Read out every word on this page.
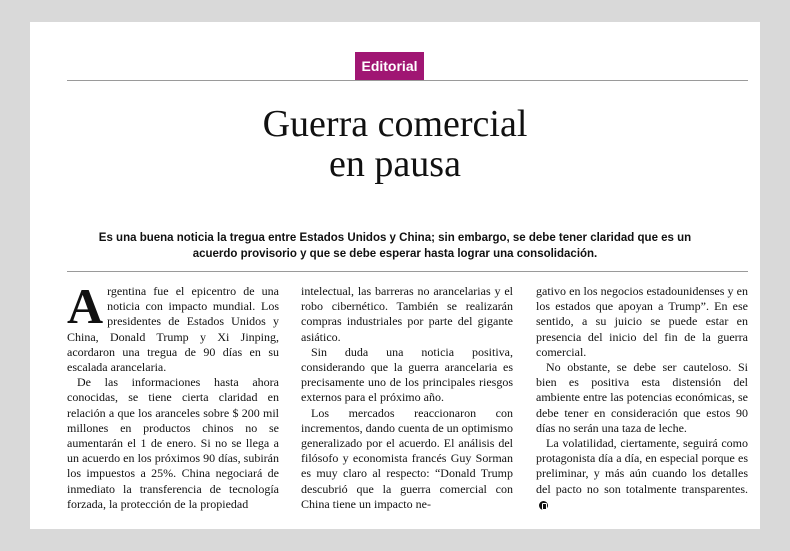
Editorial
Guerra comercial
en pausa
Es una buena noticia la tregua entre Estados Unidos y China; sin embargo, se debe tener claridad que es un
acuerdo provisorio y que se debe esperar hasta lograr una consolidación.

Argentina fue el epicentro de una noticia con impacto mundial. Los presidentes de Estados Unidos y China, Donald Trump y Xi Jinping, acordaron una tregua de 90 días en su escalada arancelaria.

De las informaciones hasta ahora conocidas, se tiene cierta claridad en relación a que los aranceles sobre $ 200 mil millones en productos chinos no se aumentarán el 1 de enero. Si no se llega a un acuerdo en los próximos 90 días, subirán los impuestos a 25%. China negociará de inmediato la transferencia de tecnología forzada, la protección de la propiedad

intelectual, las barreras no arancelarias y el robo cibernético. También se realizarán compras industriales por parte del gigante asiático.

Sin duda una noticia positiva, considerando que la guerra arancelaria es precisamente uno de los principales riesgos externos para el próximo año.

Los mercados reaccionaron con incrementos, dando cuenta de un optimismo generalizado por el acuerdo. El análisis del filósofo y economista francés Guy Sorman es muy claro al respecto: “Donald Trump descubrió que la guerra comercial con China tiene un impacto ne-

gativo en los negocios estadounidenses y en los estados que apoyan a Trump”. En ese sentido, a su juicio se puede estar en presencia del inicio del fin de la guerra comercial.

No obstante, se debe ser cauteloso. Si bien es positiva esta distensión del ambiente entre las potencias económicas, se debe tener en consideración que estos 90 días no serán una taza de leche.

La volatilidad, ciertamente, seguirá como protagonista día a día, en especial porque es preliminar, y más aún cuando los detalles del pacto no son totalmente transparentes.
